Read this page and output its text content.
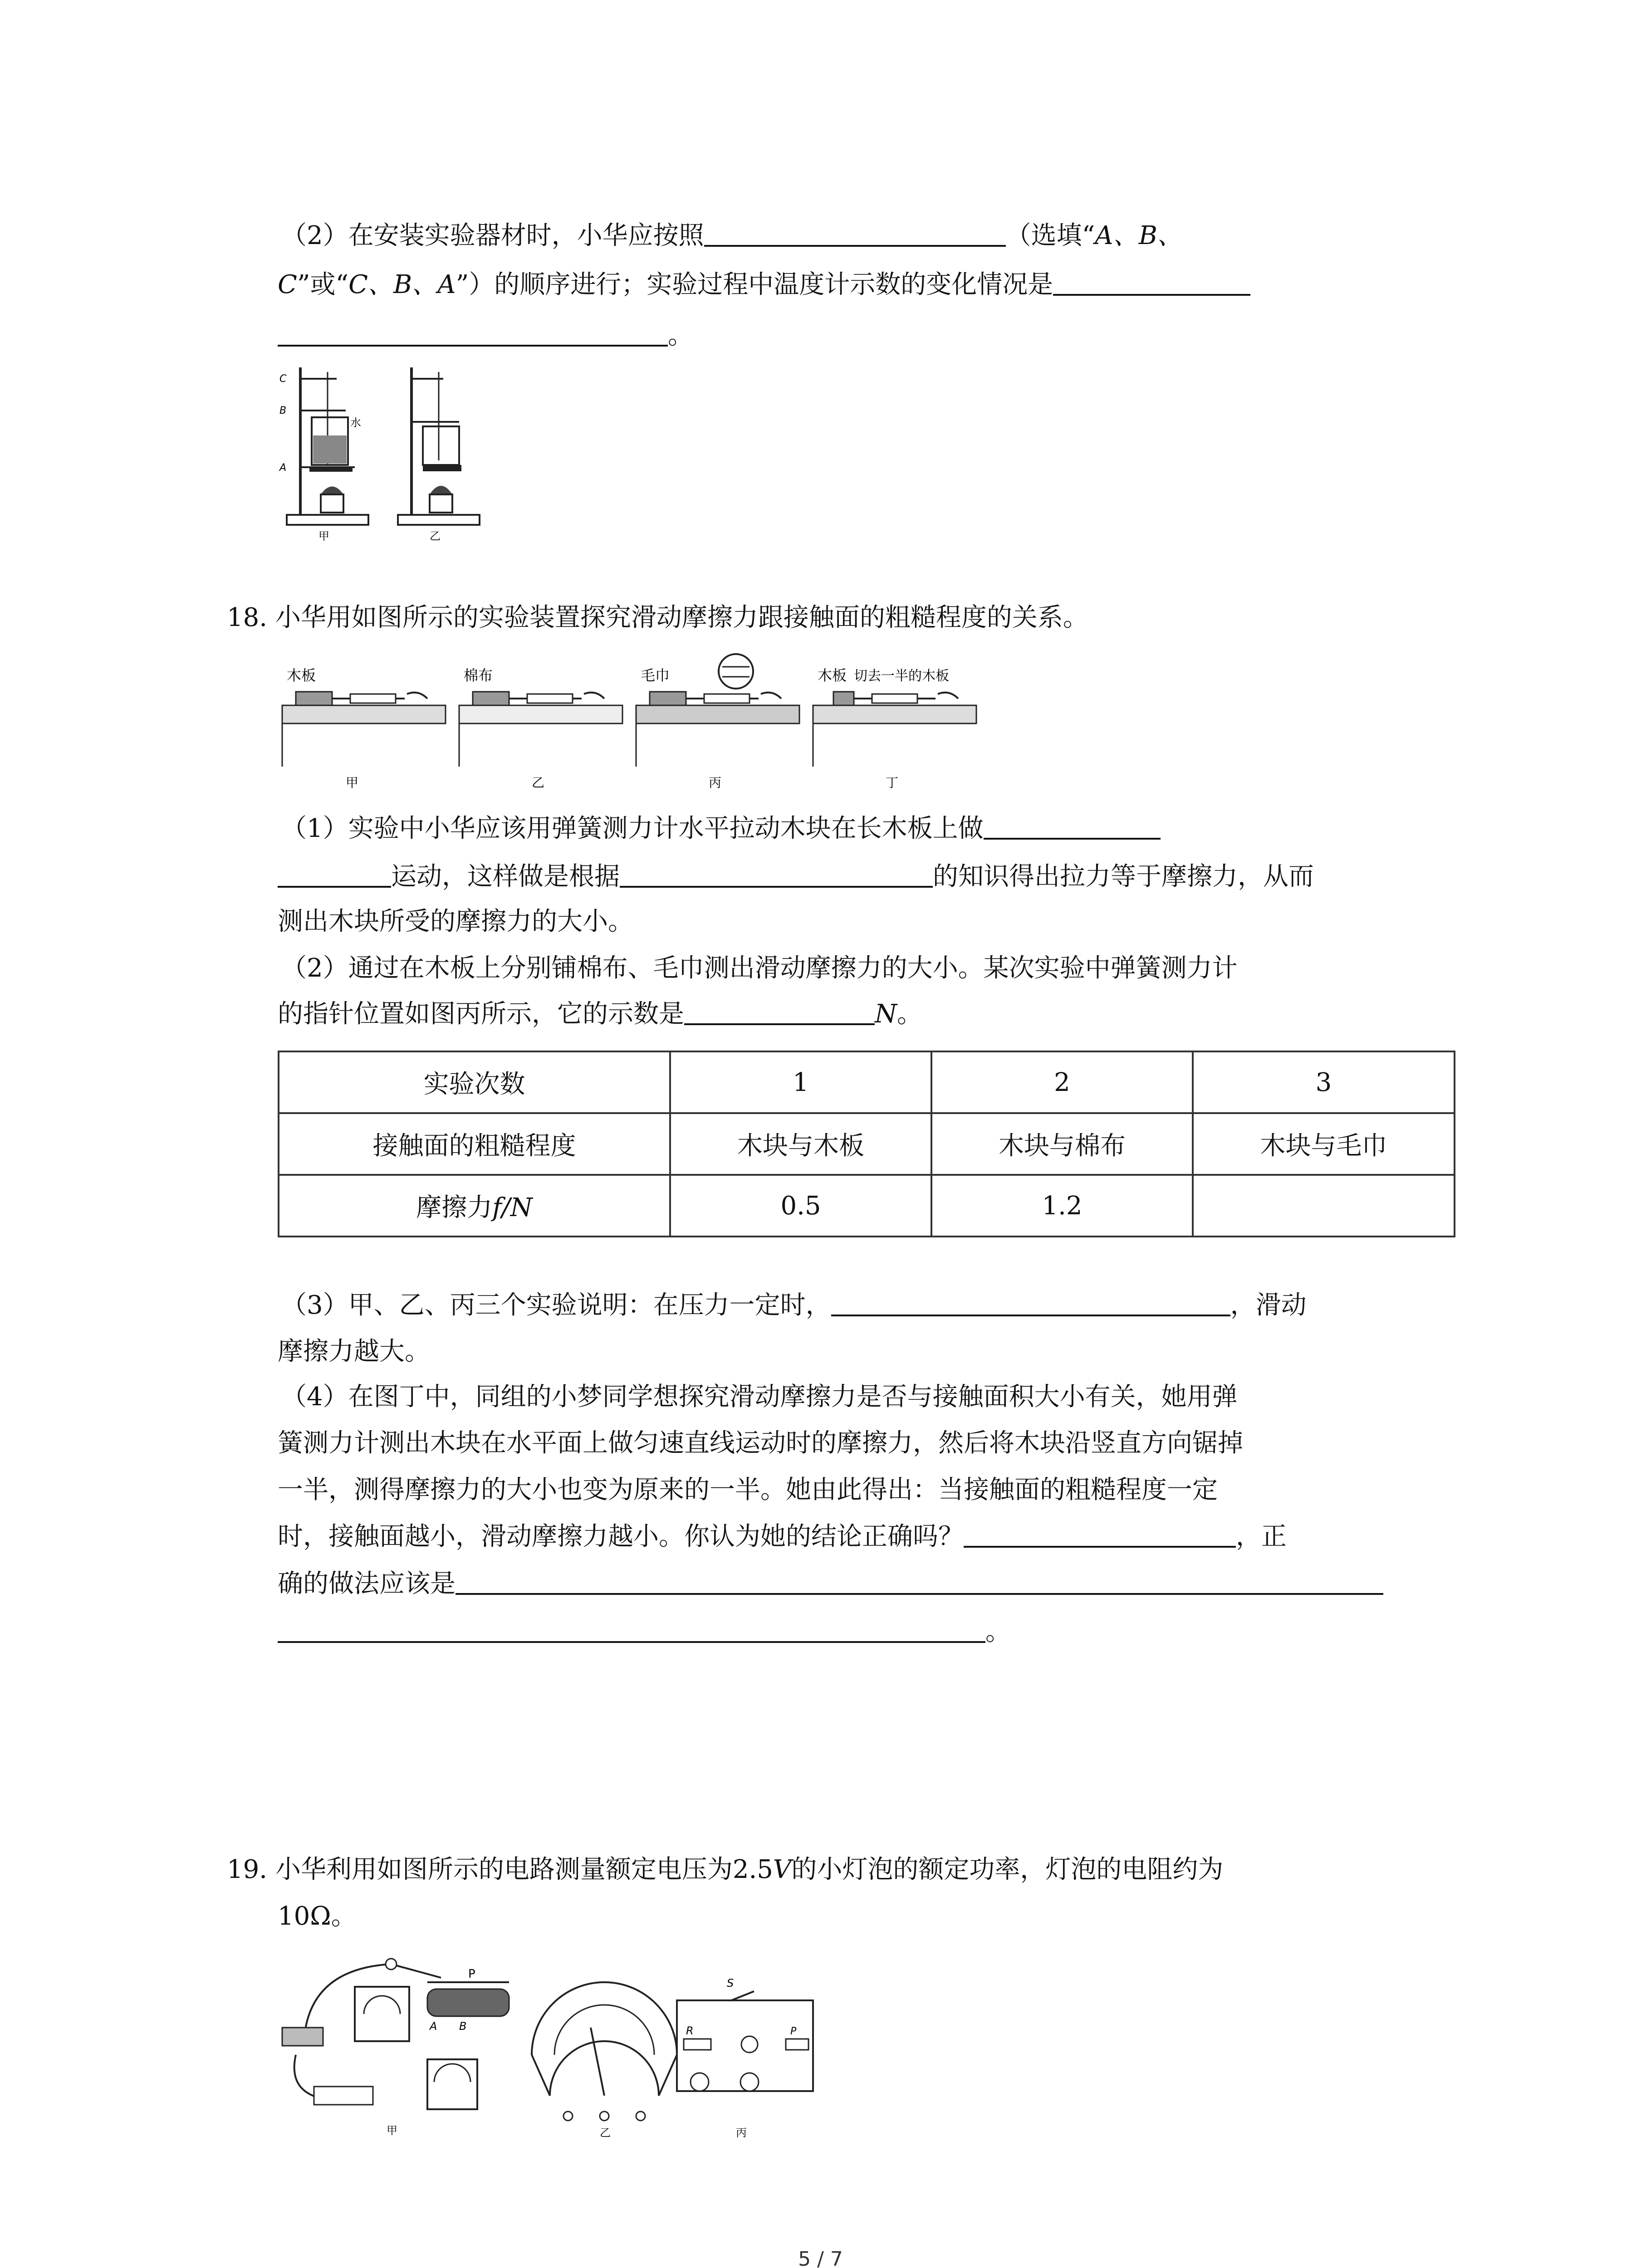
（2）在安装实验器材时，小华应按照	（选填“A、B、
C”或“C、B、A”）的顺序进行；实验过程中温度计示数的变化情况是
。
C
B
A
水
甲	乙
18. 小华用如图所示的实验装置探究滑动摩擦力跟接触面的粗糙程度的关系。
木板
甲
棉布
乙
毛巾
丙
木板 切去一半的木板
丁
（1）实验中小华应该用弹簧测力计水平拉动木块在长木板上做
运动，这样做是根据	的知识得出拉力等于摩擦力，从而
测出木块所受的摩擦力的大小。
（2）通过在木板上分别铺棉布、毛巾测出滑动摩擦力的大小。某次实验中弹簧测力计
的指针位置如图丙所示，它的示数是	N。
实验次数	1	2	3
接触面的粗糙程度	木块与木板	木块与棉布	木块与毛巾
摩擦力f/N	0.5	1.2	
（3）甲、乙、丙三个实验说明：在压力一定时，	，滑动
摩擦力越大。
（4）在图丁中，同组的小梦同学想探究滑动摩擦力是否与接触面积大小有关，她用弹
簧测力计测出木块在水平面上做匀速直线运动时的摩擦力，然后将木块沿竖直方向锯掉
一半，测得摩擦力的大小也变为原来的一半。她由此得出：当接触面的粗糙程度一定
时，接触面越小，滑动摩擦力越小。你认为她的结论正确吗？	，正
确的做法应该是
。
19. 小华利用如图所示的电路测量额定电压为2.5V的小灯泡的额定功率，灯泡的电阻约为
10Ω。
P
A B
甲	乙
S
R	P
丙
5 / 7
